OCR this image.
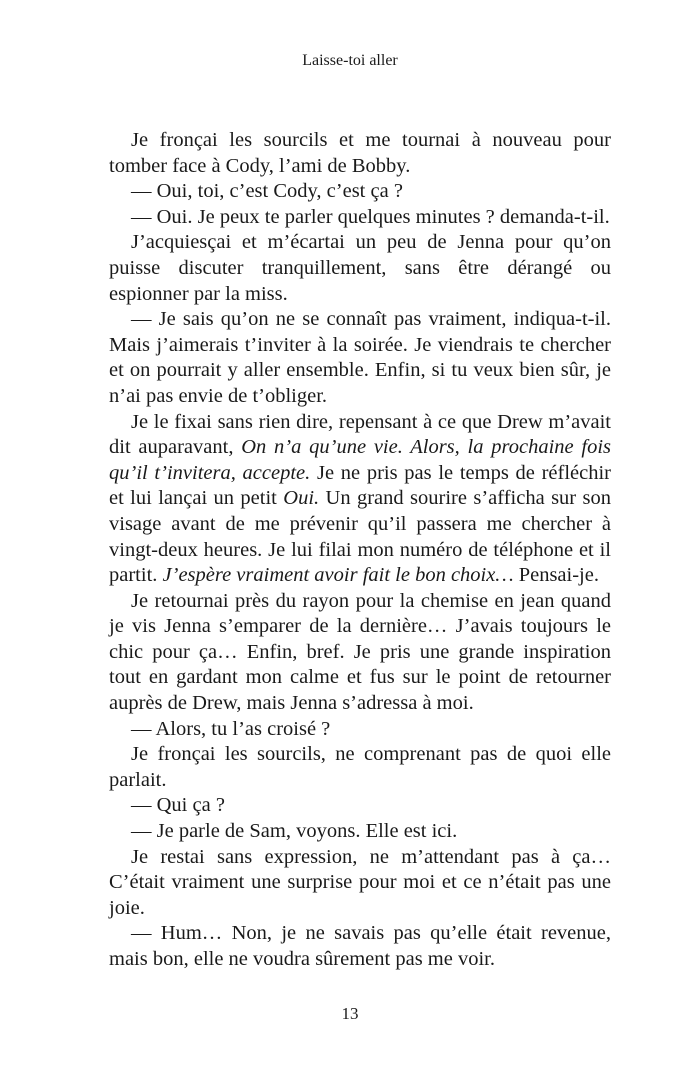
Laisse-toi aller

Je fronçai les sourcils et me tournai à nouveau pour tomber face à Cody, l’ami de Bobby.

— Oui, toi, c’est Cody, c’est ça ?

— Oui. Je peux te parler quelques minutes ? demanda-t-il.

J’acquiesçai et m’écartai un peu de Jenna pour qu’on puisse discuter tranquillement, sans être dérangé ou espionner par la miss.

— Je sais qu’on ne se connaît pas vraiment, indiqua-t-il. Mais j’aimerais t’inviter à la soirée. Je viendrais te chercher et on pourrait y aller ensemble. Enfin, si tu veux bien sûr, je n’ai pas envie de t’obliger.

Je le fixai sans rien dire, repensant à ce que Drew m’avait dit auparavant, On n’a qu’une vie. Alors, la prochaine fois qu’il t’invitera, accepte. Je ne pris pas le temps de réfléchir et lui lançai un petit Oui. Un grand sourire s’afficha sur son visage avant de me prévenir qu’il passera me chercher à vingt-deux heures. Je lui filai mon numéro de téléphone et il partit. J’espère vraiment avoir fait le bon choix… Pensai-je.

Je retournai près du rayon pour la chemise en jean quand je vis Jenna s’emparer de la dernière… J’avais toujours le chic pour ça… Enfin, bref. Je pris une grande inspiration tout en gardant mon calme et fus sur le point de retourner auprès de Drew, mais Jenna s’adressa à moi.

— Alors, tu l’as croisé ?

Je fronçai les sourcils, ne comprenant pas de quoi elle parlait.

— Qui ça ?

— Je parle de Sam, voyons. Elle est ici.

Je restai sans expression, ne m’attendant pas à ça… C’était vraiment une surprise pour moi et ce n’était pas une joie.

— Hum… Non, je ne savais pas qu’elle était revenue, mais bon, elle ne voudra sûrement pas me voir.

13
